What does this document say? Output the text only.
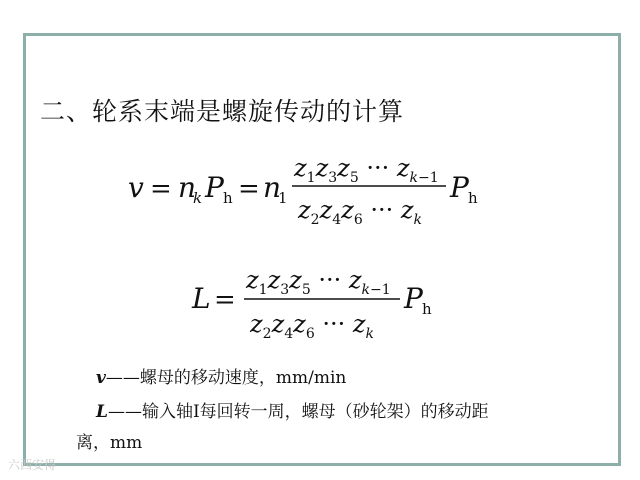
二、轮系末端是螺旋传动的计算
v = n
k P h = n
1
$z_1z_3z_5$ ··· $z_k-1$
$z_2z_4z_6$ ··· $z_k$
P h
L =
$z_1z_3z_5$ ··· $z_k-1$
$z_2z_4z_6$ ··· $z_k$
P h
v——螺母的移动速度，mm/min
L——输入轴I每回转一周，螺母（砂轮架）的移动距
离，mm
六西安得
